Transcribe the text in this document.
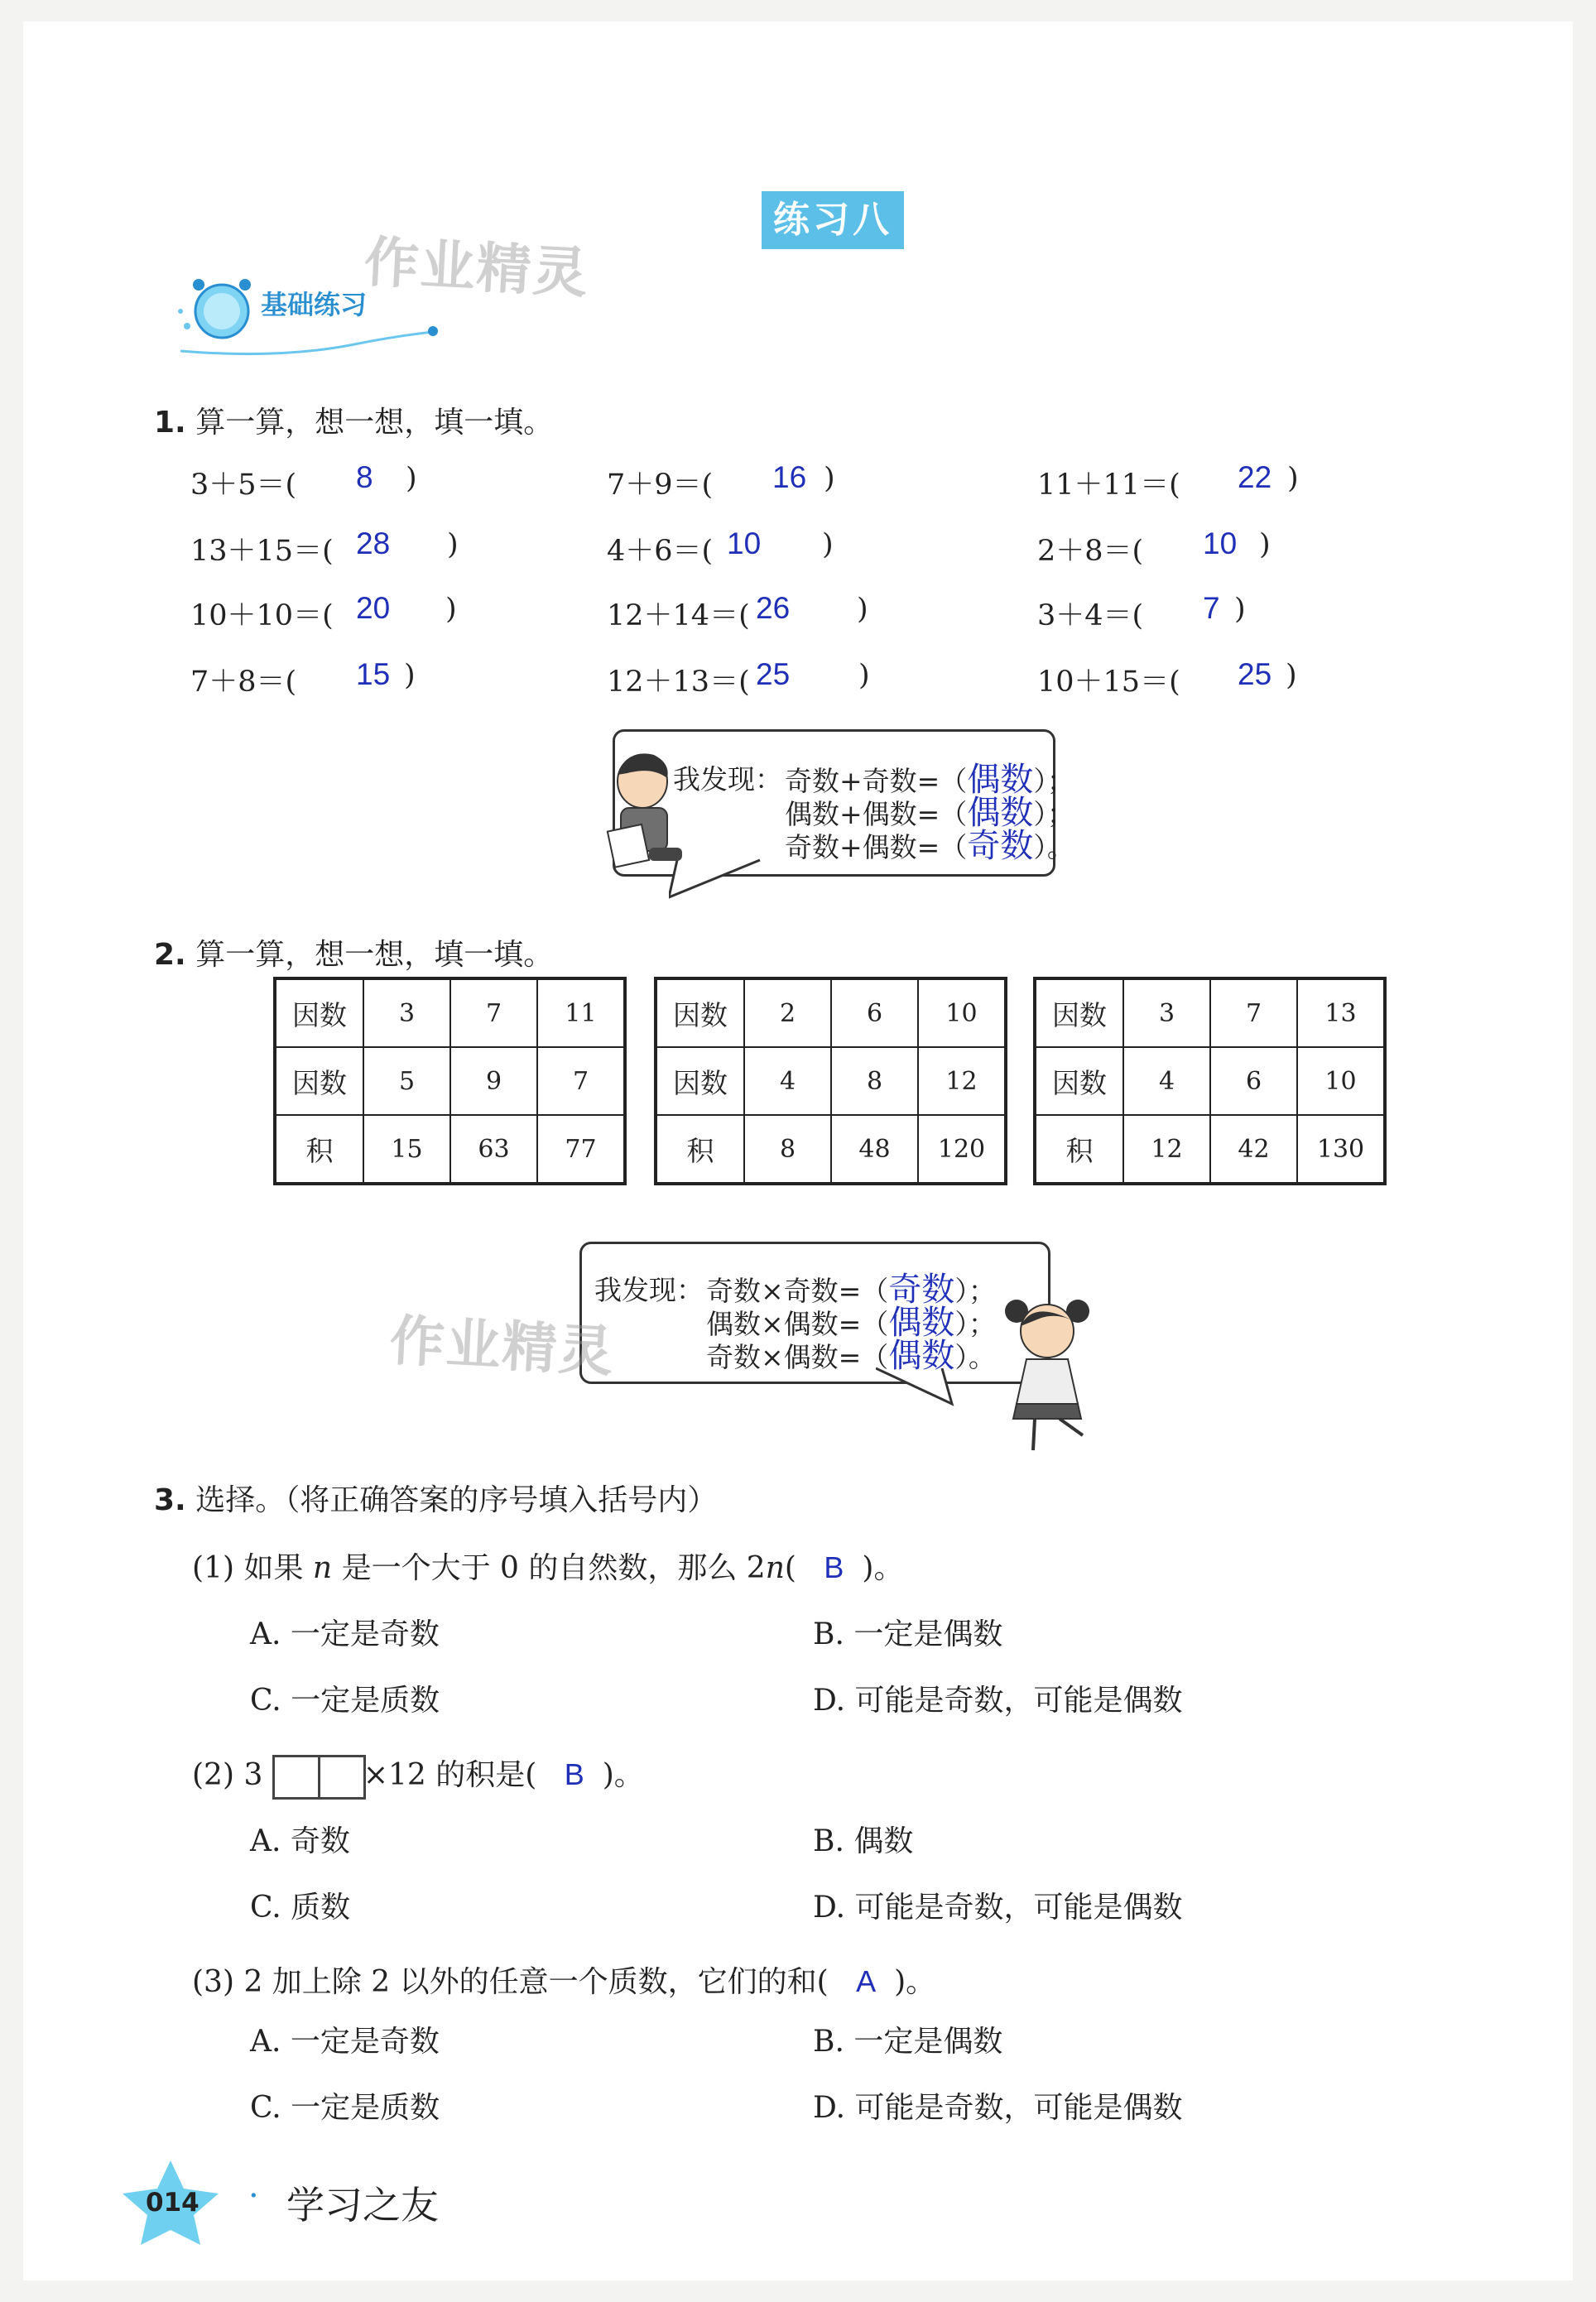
练习八
作业精灵
基础练习
1. 算一算，想一想，填一填。
3＋5＝( 8 )	7＋9＝( 16 )	11＋11＝( 22 )
13＋15＝( 28 )	4＋6＝( 10 )	2＋8＝( 10 )
10＋10＝( 20 )	12＋14＝( 26 )	3＋4＝( 7 )
7＋8＝( 15 )	12＋13＝( 25 )	10＋15＝( 25 )
我发现： 奇数+奇数=（偶数）；
偶数+偶数=（偶数）；
奇数+偶数=（奇数）。
2. 算一算，想一想，填一填。
因数	3	7	11
因数	5	9	7
积	15	63	77
因数	2	6	10
因数	4	8	12
积	8	48	120
因数	3	7	13
因数	4	6	10
积	12	42	130
作业精灵
我发现： 奇数×奇数=（奇数）；
偶数×偶数=（偶数）；
奇数×偶数=（偶数）。
3. 选择。（将正确答案的序号填入括号内）
(1) 如果 n 是一个大于 0 的自然数，那么 2n( B )。
A. 一定是奇数	B. 一定是偶数
C. 一定是质数	D. 可能是奇数，可能是偶数
(2) 3	×12 的积是( B )。
A. 奇数	B. 偶数
C. 质数	D. 可能是奇数，可能是偶数
(3) 2 加上除 2 以外的任意一个质数，它们的和( A )。
A. 一定是奇数	B. 一定是偶数
C. 一定是质数	D. 可能是奇数，可能是偶数
014 · 学习之友
